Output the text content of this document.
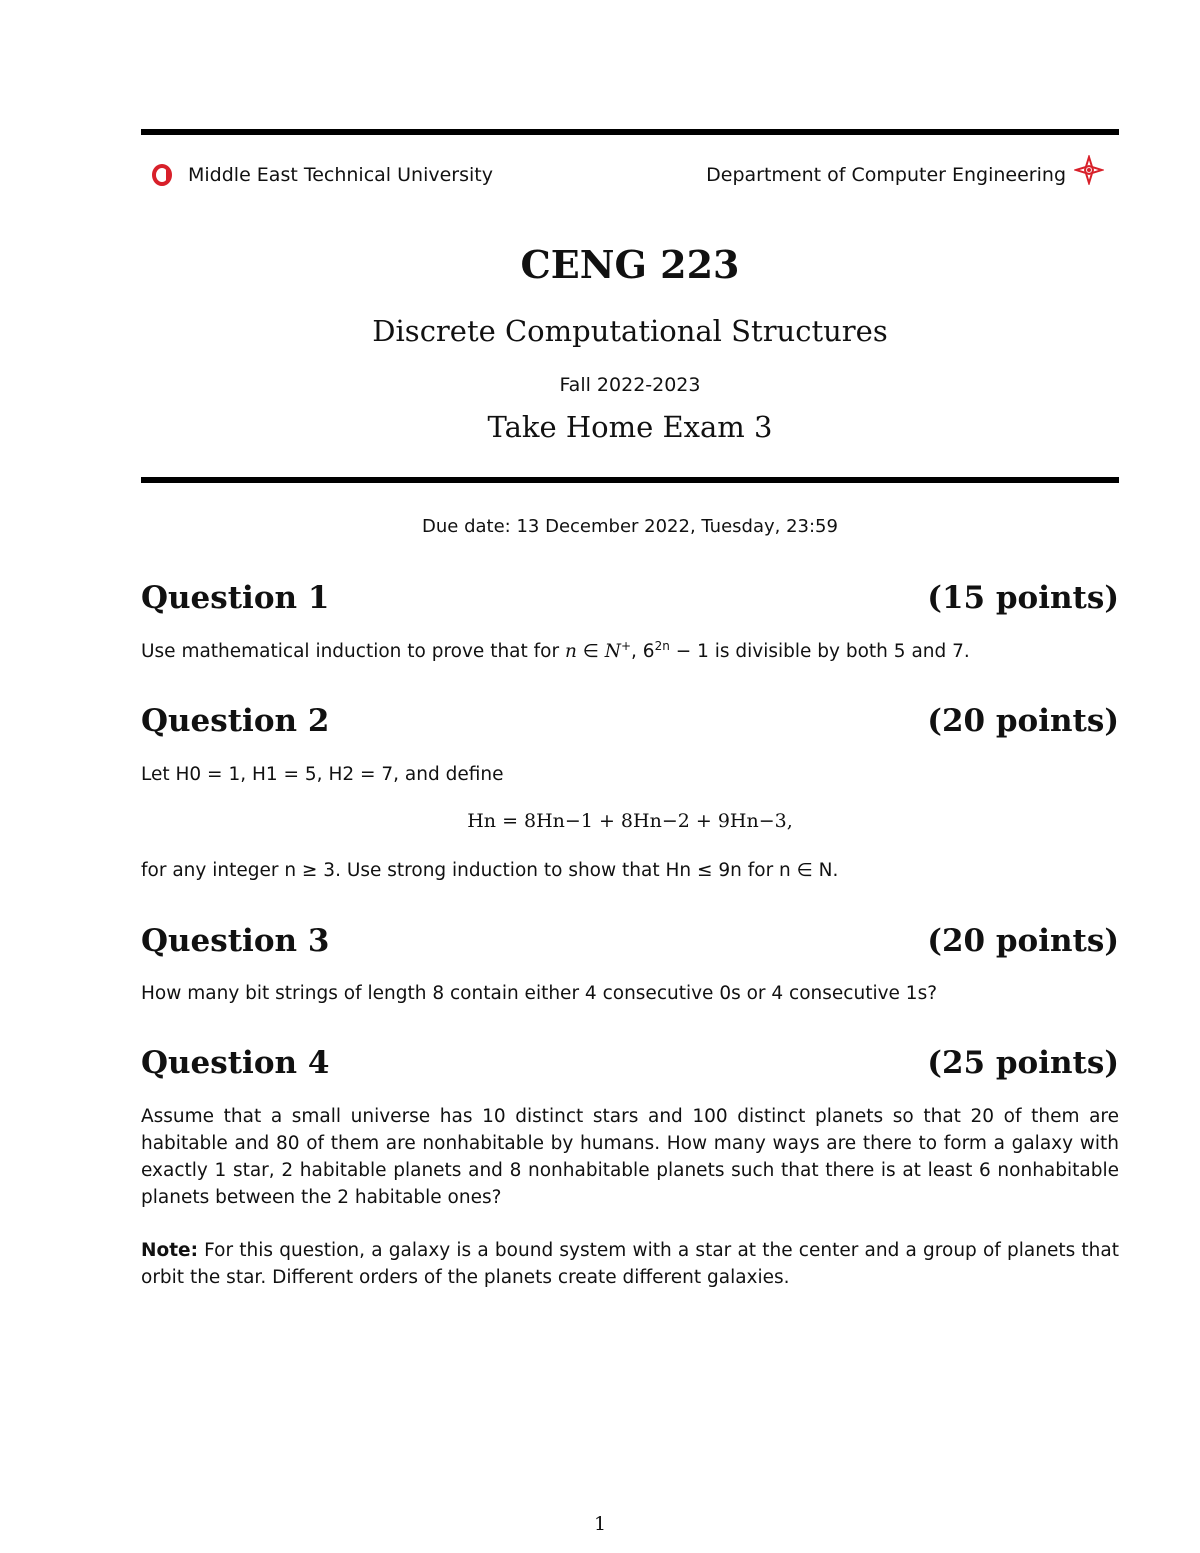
Middle East Technical University	Department of Computer Engineering
CENG 223
Discrete Computational Structures
Fall 2022-2023
Take Home Exam 3
Due date: 13 December 2022, Tuesday, 23:59
Question 1	(15 points)
Use mathematical induction to prove that for n ∈ N+, $6^{2n} - 1$ is divisible by both 5 and 7.
Question 2	(20 points)
Let H0 = 1, H1 = 5, H2 = 7, and define
Hn = 8Hn−1 + 8Hn−2 + 9Hn−3,
for any integer n ≥ 3. Use strong induction to show that Hn ≤ 9n for n ∈ N.
Question 3	(20 points)
How many bit strings of length 8 contain either 4 consecutive 0s or 4 consecutive 1s?
Question 4	(25 points)
Assume that a small universe has 10 distinct stars and 100 distinct planets so that 20 of them are habitable and 80 of them are nonhabitable by humans. How many ways are there to form a galaxy with exactly 1 star, 2 habitable planets and 8 nonhabitable planets such that there is at least 6 nonhabitable planets between the 2 habitable ones?
Note: For this question, a galaxy is a bound system with a star at the center and a group of planets that orbit the star. Different orders of the planets create different galaxies.
1
